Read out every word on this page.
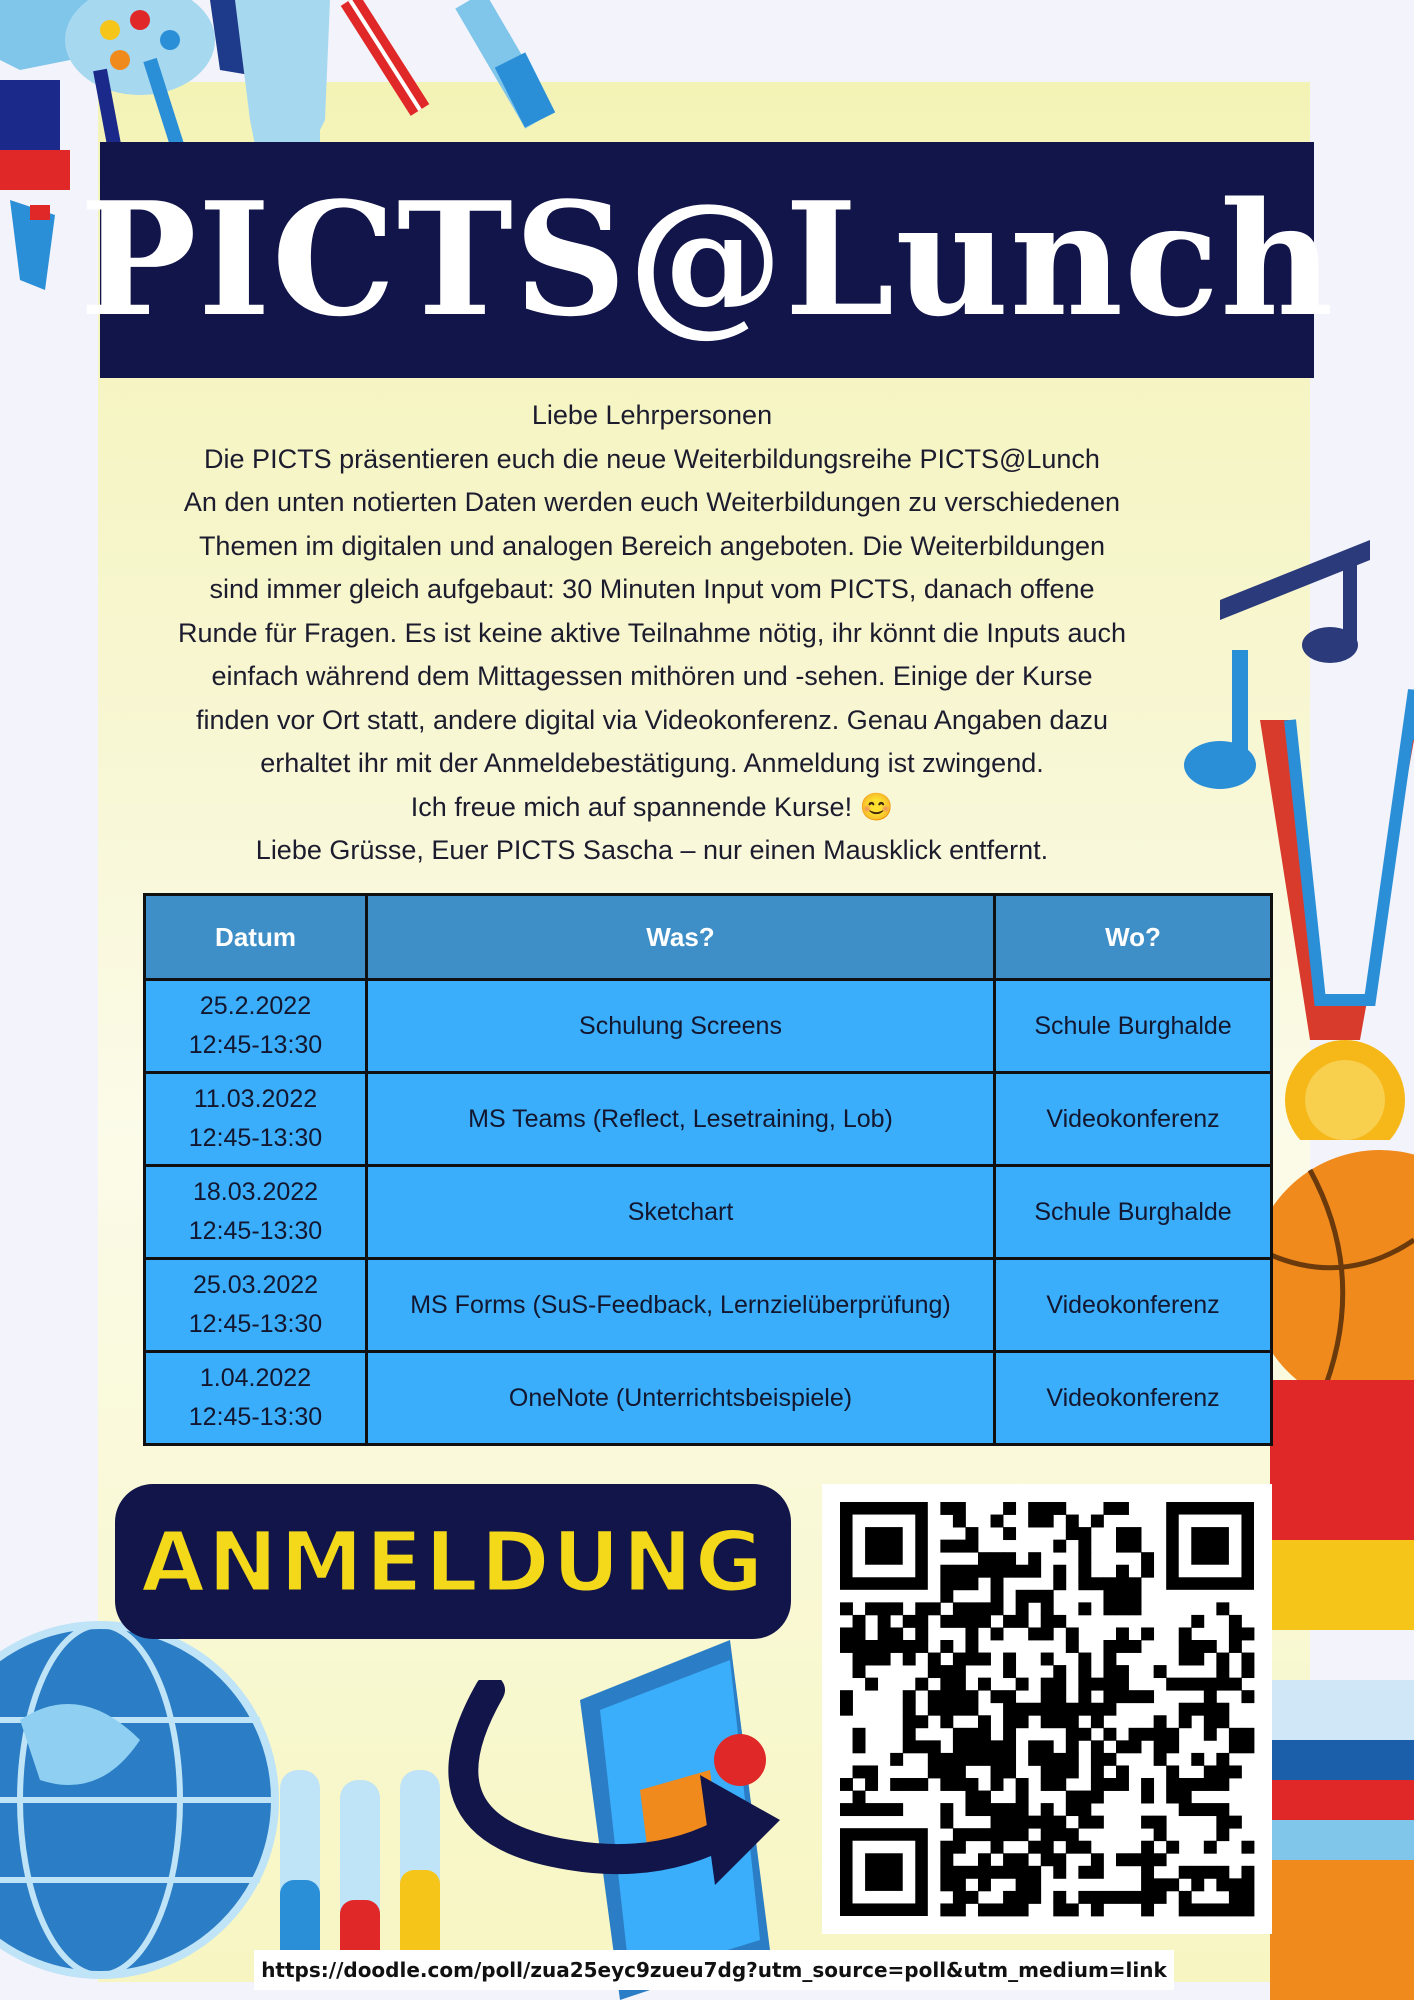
PICTS@Lunch

Liebe Lehrpersonen

Die PICTS präsentieren euch die neue Weiterbildungsreihe PICTS@Lunch

An den unten notierten Daten werden euch Weiterbildungen zu verschiedenen

Themen im digitalen und analogen Bereich angeboten. Die Weiterbildungen

sind immer gleich aufgebaut: 30 Minuten Input vom PICTS, danach offene

Runde für Fragen. Es ist keine aktive Teilnahme nötig, ihr könnt die Inputs auch

einfach während dem Mittagessen mithören und -sehen. Einige der Kurse

finden vor Ort statt, andere digital via Videokonferenz. Genau Angaben dazu

erhaltet ihr mit der Anmeldebestätigung. Anmeldung ist zwingend.

Ich freue mich auf spannende Kurse! 😊

Liebe Grüsse, Euer PICTS Sascha – nur einen Mausklick entfernt.

Datum	Was?	Wo?

25.2.2022
12:45-13:30	Schulung Screens	Schule Burghalde

11.03.2022
12:45-13:30	MS Teams (Reflect, Lesetraining, Lob)	Videokonferenz

18.03.2022
12:45-13:30	Sketchart	Schule Burghalde

25.03.2022
12:45-13:30	MS Forms (SuS-Feedback, Lernzielüberprüfung)	Videokonferenz

1.04.2022
12:45-13:30	OneNote (Unterrichtsbeispiele)	Videokonferenz
ANMELDUNG
https://doodle.com/poll/zua25eyc9zueu7dg?utm_source=poll&utm_medium=link
